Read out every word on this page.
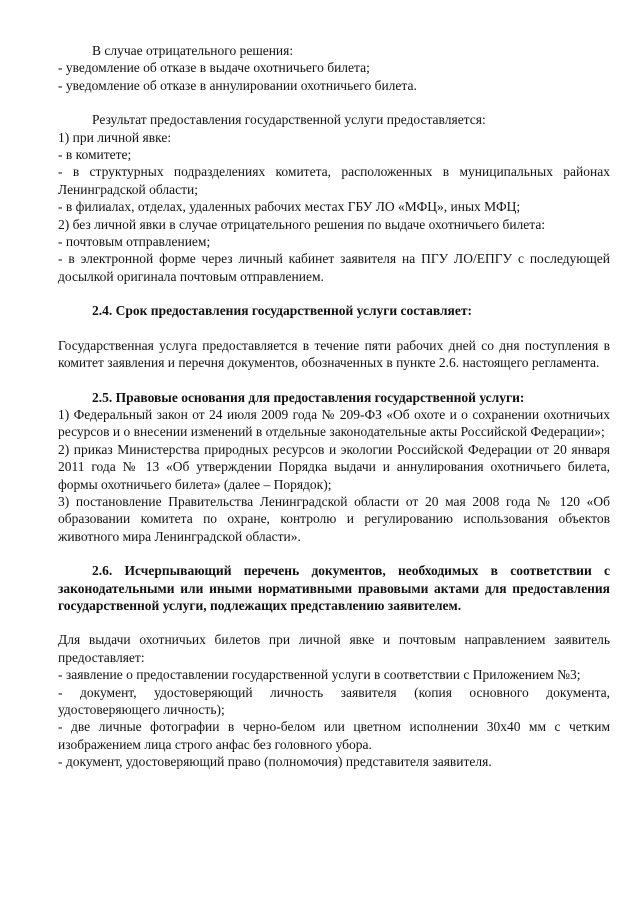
В случае отрицательного решения:

- уведомление об отказе в выдаче охотничьего билета;

- уведомление об отказе в аннулировании охотничьего билета.

Результат предоставления государственной услуги предоставляется:

1) при личной явке:

- в комитете;

- в структурных подразделениях комитета, расположенных в муниципальных районах Ленинградской области;

- в филиалах, отделах, удаленных рабочих местах ГБУ ЛО «МФЦ», иных МФЦ;

2) без личной явки в случае отрицательного решения по выдаче охотничьего билета:

- почтовым отправлением;

- в электронной форме через личный кабинет заявителя на ПГУ ЛО/ЕПГУ с последующей досылкой оригинала почтовым отправлением.

2.4. Срок предоставления государственной услуги составляет:

Государственная услуга предоставляется в течение пяти рабочих дней со дня поступления в комитет заявления и перечня документов, обозначенных в пункте 2.6. настоящего регламента.

2.5. Правовые основания для предоставления государственной услуги:

1) Федеральный закон от 24 июля 2009 года № 209-ФЗ «Об охоте и о сохранении охотничьих ресурсов и о внесении изменений в отдельные законодательные акты Российской Федерации»;

2) приказ Министерства природных ресурсов и экологии Российской Федерации от 20 января 2011 года № 13 «Об утверждении Порядка выдачи и аннулирования охотничьего билета, формы охотничьего билета» (далее – Порядок);

3) постановление Правительства Ленинградской области от 20 мая 2008 года № 120 «Об образовании комитета по охране, контролю и регулированию использования объектов животного мира Ленинградской области».

2.6. Исчерпывающий перечень документов, необходимых в соответствии с законодательными или иными нормативными правовыми актами для предоставления государственной услуги, подлежащих представлению заявителем.

Для выдачи охотничьих билетов при личной явке и почтовым направлением заявитель предоставляет:

- заявление о предоставлении государственной услуги в соответствии с Приложением №3;

- документ, удостоверяющий личность заявителя (копия основного документа, удостоверяющего личность);

- две личные фотографии в черно-белом или цветном исполнении 30х40 мм с четким изображением лица строго анфас без головного убора.

- документ, удостоверяющий право (полномочия) представителя заявителя.
